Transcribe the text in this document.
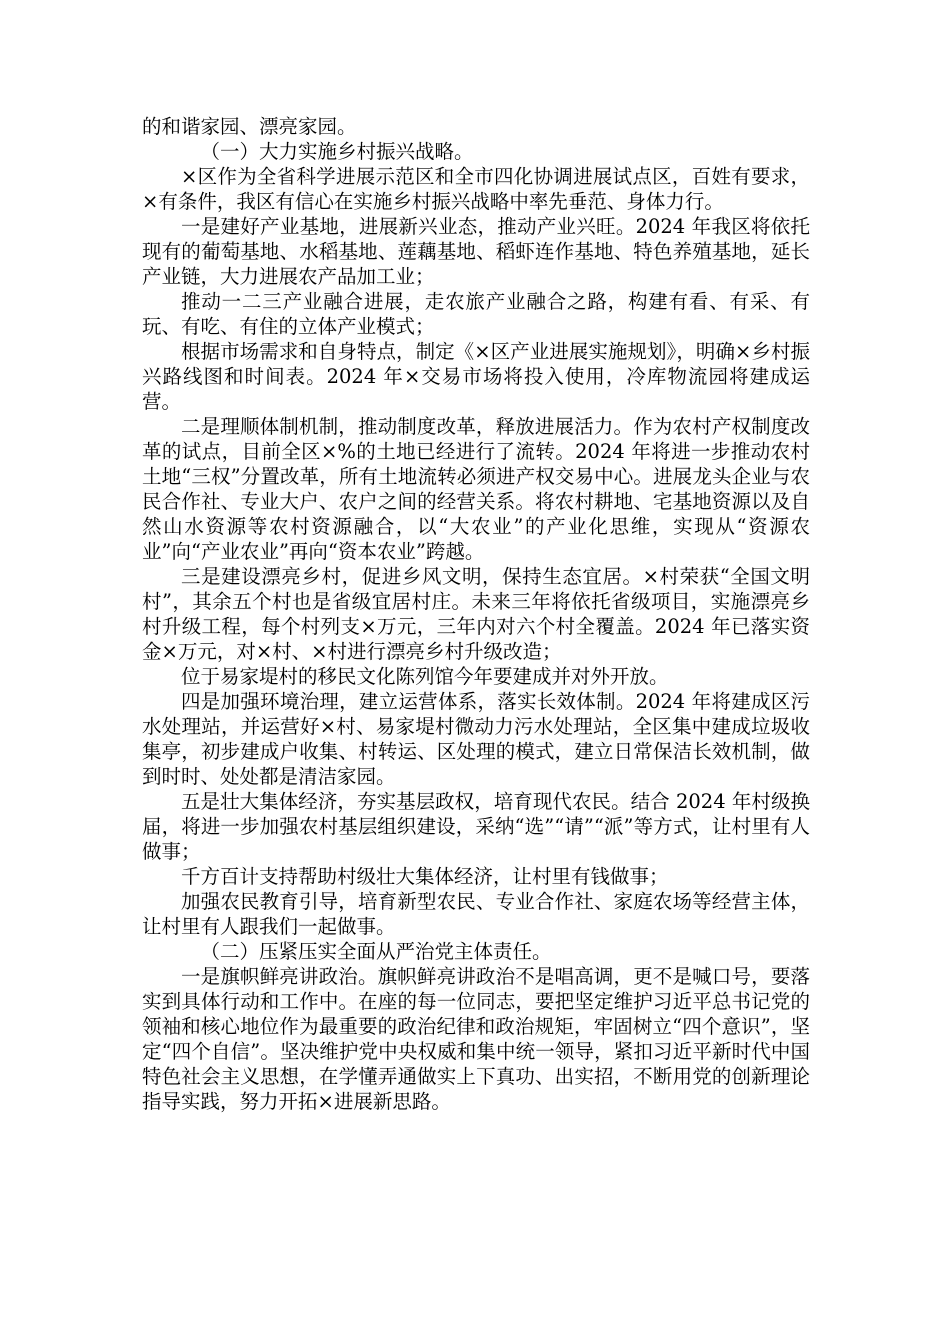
的和谐家园、漂亮家园。

（一）大力实施乡村振兴战略。

×区作为全省科学进展示范区和全市四化协调进展试点区，百姓有要求，×有条件，我区有信心在实施乡村振兴战略中率先垂范、身体力行。

一是建好产业基地，进展新兴业态，推动产业兴旺。2024 年我区将依托现有的葡萄基地、水稻基地、莲藕基地、稻虾连作基地、特色养殖基地，延长产业链，大力进展农产品加工业；

推动一二三产业融合进展，走农旅产业融合之路，构建有看、有采、有玩、有吃、有住的立体产业模式；

根据市场需求和自身特点，制定《×区产业进展实施规划》，明确×乡村振兴路线图和时间表。2024 年×交易市场将投入使用，冷库物流园将建成运营。

二是理顺体制机制，推动制度改革，释放进展活力。作为农村产权制度改革的试点，目前全区×%的土地已经进行了流转。2024 年将进一步推动农村土地“三权”分置改革，所有土地流转必须进产权交易中心。进展龙头企业与农民合作社、专业大户、农户之间的经营关系。将农村耕地、宅基地资源以及自然山水资源等农村资源融合，以“大农业”的产业化思维，实现从“资源农业”向“产业农业”再向“资本农业”跨越。

三是建设漂亮乡村，促进乡风文明，保持生态宜居。×村荣获“全国文明村”，其余五个村也是省级宜居村庄。未来三年将依托省级项目，实施漂亮乡村升级工程，每个村列支×万元，三年内对六个村全覆盖。2024 年已落实资金×万元，对×村、×村进行漂亮乡村升级改造；

位于易家堤村的移民文化陈列馆今年要建成并对外开放。

四是加强环境治理，建立运营体系，落实长效体制。2024 年将建成区污水处理站，并运营好×村、易家堤村微动力污水处理站，全区集中建成垃圾收集亭，初步建成户收集、村转运、区处理的模式，建立日常保洁长效机制，做到时时、处处都是清洁家园。

五是壮大集体经济，夯实基层政权，培育现代农民。结合 2024 年村级换届，将进一步加强农村基层组织建设，采纳“选”“请”“派”等方式，让村里有人做事；

千方百计支持帮助村级壮大集体经济，让村里有钱做事；

加强农民教育引导，培育新型农民、专业合作社、家庭农场等经营主体，让村里有人跟我们一起做事。

（二）压紧压实全面从严治党主体责任。

一是旗帜鲜亮讲政治。旗帜鲜亮讲政治不是唱高调，更不是喊口号，要落实到具体行动和工作中。在座的每一位同志，要把坚定维护习近平总书记党的领袖和核心地位作为最重要的政治纪律和政治规矩，牢固树立“四个意识”，坚定“四个自信”。坚决维护党中央权威和集中统一领导，紧扣习近平新时代中国特色社会主义思想，在学懂弄通做实上下真功、出实招，不断用党的创新理论指导实践，努力开拓×进展新思路。
